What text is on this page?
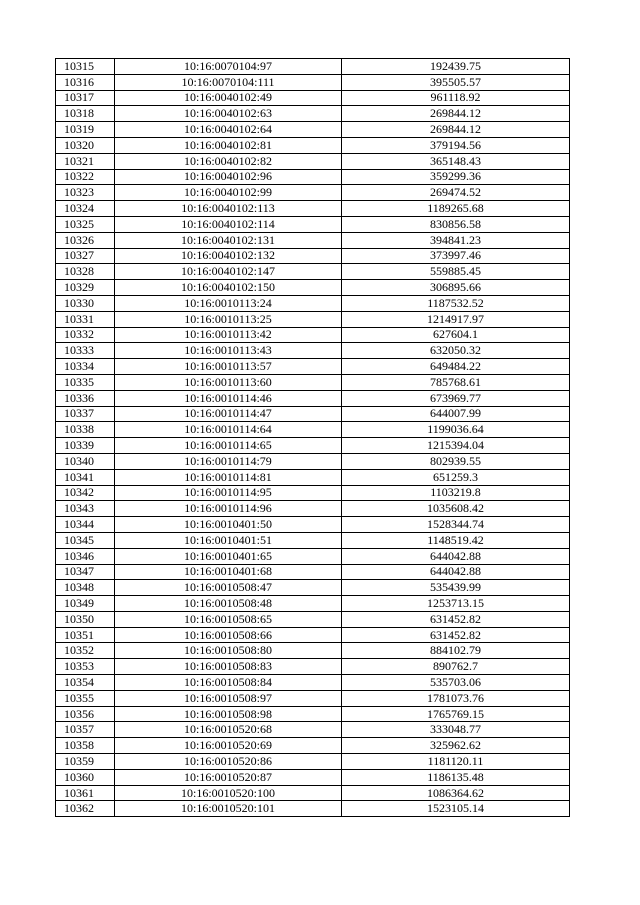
10315	10:16:0070104:97	192439.75
10316	10:16:0070104:111	395505.57
10317	10:16:0040102:49	961118.92
10318	10:16:0040102:63	269844.12
10319	10:16:0040102:64	269844.12
10320	10:16:0040102:81	379194.56
10321	10:16:0040102:82	365148.43
10322	10:16:0040102:96	359299.36
10323	10:16:0040102:99	269474.52
10324	10:16:0040102:113	1189265.68
10325	10:16:0040102:114	830856.58
10326	10:16:0040102:131	394841.23
10327	10:16:0040102:132	373997.46
10328	10:16:0040102:147	559885.45
10329	10:16:0040102:150	306895.66
10330	10:16:0010113:24	1187532.52
10331	10:16:0010113:25	1214917.97
10332	10:16:0010113:42	627604.1
10333	10:16:0010113:43	632050.32
10334	10:16:0010113:57	649484.22
10335	10:16:0010113:60	785768.61
10336	10:16:0010114:46	673969.77
10337	10:16:0010114:47	644007.99
10338	10:16:0010114:64	1199036.64
10339	10:16:0010114:65	1215394.04
10340	10:16:0010114:79	802939.55
10341	10:16:0010114:81	651259.3
10342	10:16:0010114:95	1103219.8
10343	10:16:0010114:96	1035608.42
10344	10:16:0010401:50	1528344.74
10345	10:16:0010401:51	1148519.42
10346	10:16:0010401:65	644042.88
10347	10:16:0010401:68	644042.88
10348	10:16:0010508:47	535439.99
10349	10:16:0010508:48	1253713.15
10350	10:16:0010508:65	631452.82
10351	10:16:0010508:66	631452.82
10352	10:16:0010508:80	884102.79
10353	10:16:0010508:83	890762.7
10354	10:16:0010508:84	535703.06
10355	10:16:0010508:97	1781073.76
10356	10:16:0010508:98	1765769.15
10357	10:16:0010520:68	333048.77
10358	10:16:0010520:69	325962.62
10359	10:16:0010520:86	1181120.11
10360	10:16:0010520:87	1186135.48
10361	10:16:0010520:100	1086364.62
10362	10:16:0010520:101	1523105.14
